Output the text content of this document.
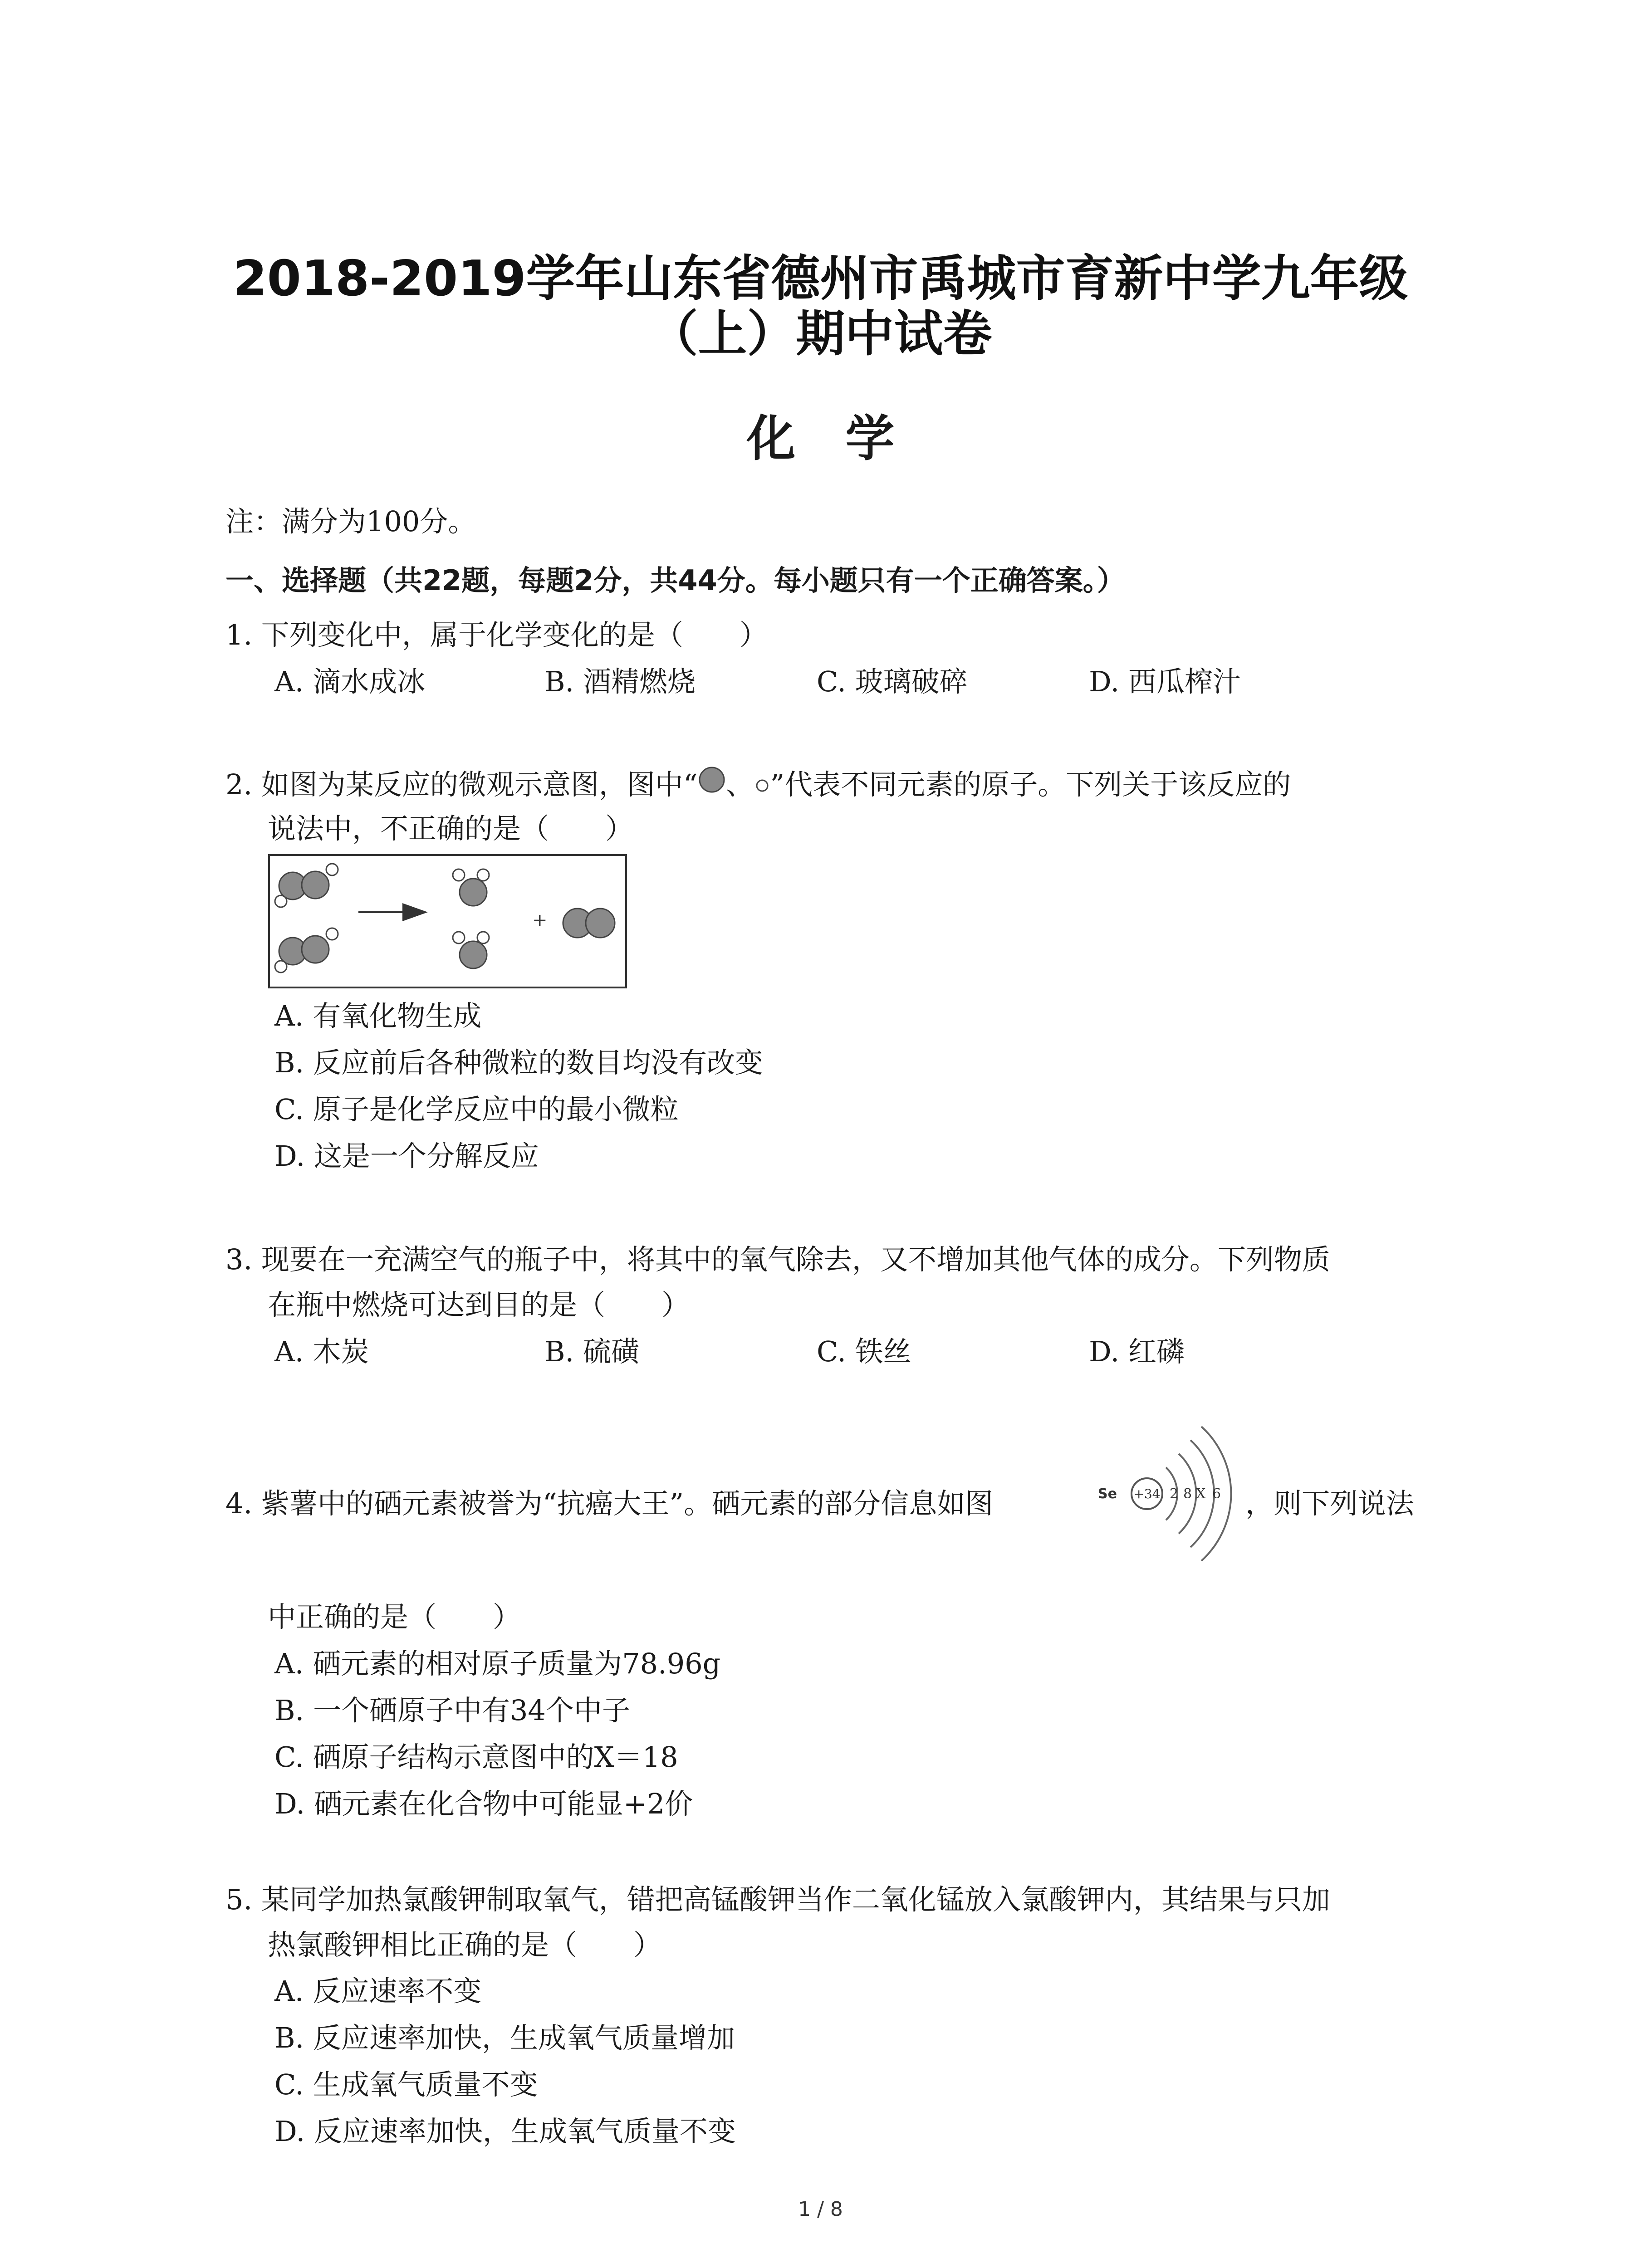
2018-2019学年山东省德州市禹城市育新中学九年级
（上）期中试卷
化学
注：满分为100分。
一、选择题（共22题，每题2分，共44分。每小题只有一个正确答案。）
1. 下列变化中，属于化学变化的是（　　）
A. 滴水成冰	B. 酒精燃烧	C. 玻璃破碎	D. 西瓜榨汁
2. 如图为某反应的微观示意图，图中“ 、 ”代表不同元素的原子。下列关于该反应的
说法中，不正确的是（　　）
+
A. 有氧化物生成
B. 反应前后各种微粒的数目均没有改变
C. 原子是化学反应中的最小微粒
D. 这是一个分解反应
3. 现要在一充满空气的瓶子中，将其中的氧气除去，又不增加其他气体的成分。下列物质
在瓶中燃烧可达到目的是（　　）
A. 木炭	B. 硫磺	C. 铁丝	D. 红磷
4. 紫薯中的硒元素被誉为“抗癌大王”。硒元素的部分信息如图	Se +34 2 8 X 6 ，则下列说法
中正确的是（　　）
A. 硒元素的相对原子质量为78.96g
B. 一个硒原子中有34个中子
C. 硒原子结构示意图中的X＝18
D. 硒元素在化合物中可能显+2价
5. 某同学加热氯酸钾制取氧气，错把高锰酸钾当作二氧化锰放入氯酸钾内，其结果与只加
热氯酸钾相比正确的是（　　）
A. 反应速率不变
B. 反应速率加快，生成氧气质量增加
C. 生成氧气质量不变
D. 反应速率加快，生成氧气质量不变
1 / 8
